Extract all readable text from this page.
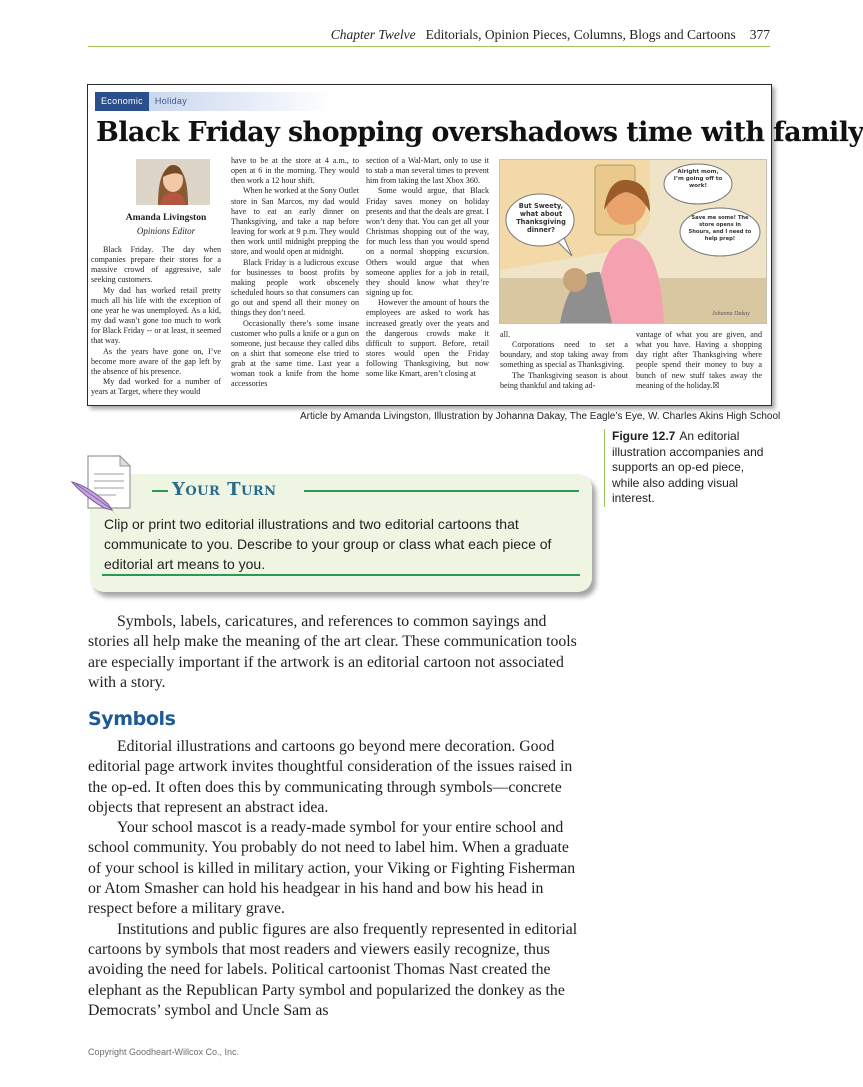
Chapter Twelve Editorials, Opinion Pieces, Columns, Blogs and Cartoons 377
Economic	Holiday
Black Friday shopping overshadows time with family
Amanda Livingston
Opinions Editor

Black Friday. The day when companies prepare their stores for a massive crowd of aggressive, sale seeking customers.

My dad has worked retail pretty much all his life with the exception of one year he was unemployed. As a kid, my dad wasn’t gone too much to work for Black Friday -- or at least, it seemed that way.

As the years have gone on, I’ve become more aware of the gap left by the absence of his presence.

My dad worked for a number of years at Target, where they would

have to be at the store at 4 a.m., to open at 6 in the morning. They would then work a 12 hour shift.

When he worked at the Sony Outlet store in San Marcos, my dad would have to eat an early dinner on Thanksgiving, and take a nap before leaving for work at 9 p.m. They would then work until midnight prepping the store, and would open at midnight.

Black Friday is a ludicrous excuse for businesses to boost profits by making people work obscenely scheduled hours so that consumers can go out and spend all their money on things they don’t need.

Occasionally there’s some insane customer who pulls a knife or a gun on someone, just because they called dibs on a shirt that someone else tried to grab at the same time. Last year a woman took a knife from the home accessories

section of a Wal-Mart, only to use it to stab a man several times to prevent him from taking the last Xbox 360.

Some would argue, that Black Friday saves money on holiday presents and that the deals are great. I won’t deny that. You can get all your Christmas shopping out of the way, for much less than you would spend on a normal shopping excursion. Others would argue that when someone applies for a job in retail, they should know what they’re signing up for.

However the amount of hours the employees are asked to work has increased greatly over the years and the dangerous crowds make it difficult to support. Before, retail stores would open the Friday following Thanksgiving, but now some like Kmart, aren’t closing at

But Sweety, what about Thanksgiving dinner?
Alright mom, I’m going off to work!
Save me some! The store opens in 5hours, and I need to help prep!
Johanna Dakay

all.

Corporations need to set a boundary, and stop taking away from something as special as Thanksgiving.

The Thanksgiving season is about being thankful and taking ad-

vantage of what you are given, and what you have. Having a shopping day right after Thanksgiving where people spend their money to buy a bunch of new stuff takes away the meaning of the holiday.☒

Article by Amanda Livingston, Illustration by Johanna Dakay, The Eagle’s Eye, W. Charles Akins High School
Figure 12.7 An editorial illustration accompanies and supports an op-ed piece, while also adding visual interest.
Your Turn
Clip or print two editorial illustrations and two editorial cartoons that communicate to you. Describe to your group or class what each piece of editorial art means to you.

Symbols, labels, caricatures, and references to common sayings and stories all help make the meaning of the art clear. These communication tools are especially important if the artwork is an editorial cartoon not associated with a story.

Symbols

Editorial illustrations and cartoons go beyond mere decoration. Good editorial page artwork invites thoughtful consideration of the issues raised in the op-ed. It often does this by communicating through symbols—concrete objects that represent an abstract idea.

Your school mascot is a ready-made symbol for your entire school and school community. You probably do not need to label him. When a graduate of your school is killed in military action, your Viking or Fighting Fisherman or Atom Smasher can hold his headgear in his hand and bow his head in respect before a military grave.

Institutions and public figures are also frequently represented in editorial cartoons by symbols that most readers and viewers easily recognize, thus avoiding the need for labels. Political cartoonist Thomas Nast created the elephant as the Republican Party symbol and popularized the donkey as the Democrats’ symbol and Uncle Sam as

Copyright Goodheart-Willcox Co., Inc.
